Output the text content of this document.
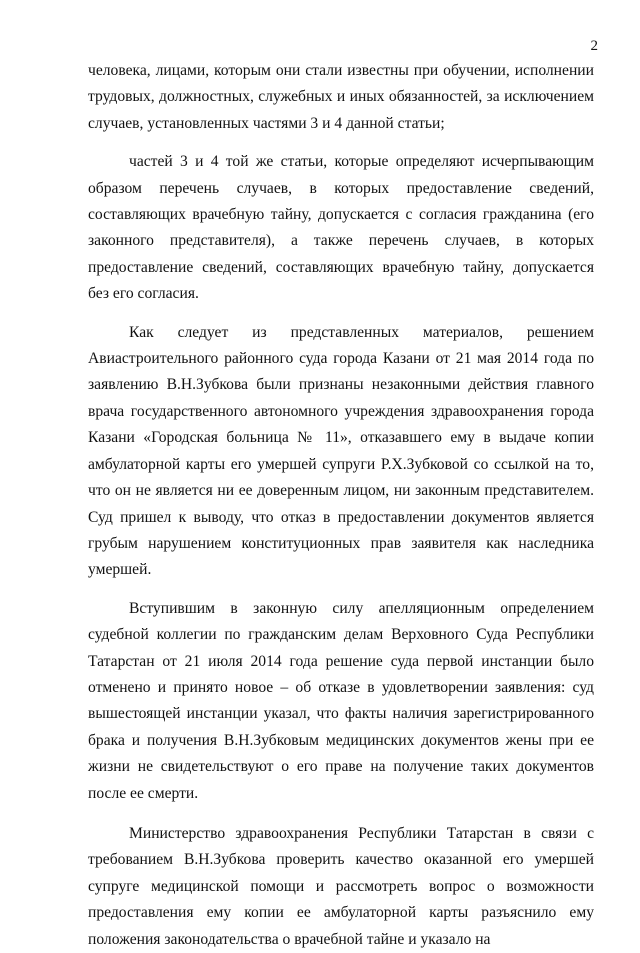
2

человека, лицами, которым они стали известны при обучении, исполнении трудовых, должностных, служебных и иных обязанностей, за исключением случаев, установленных частями 3 и 4 данной статьи;

частей 3 и 4 той же статьи, которые определяют исчерпывающим образом перечень случаев, в которых предоставление сведений, составляющих врачебную тайну, допускается с согласия гражданина (его законного представителя), а также перечень случаев, в которых предоставление сведений, составляющих врачебную тайну, допускается без его согласия.

Как следует из представленных материалов, решением Авиастроительного районного суда города Казани от 21 мая 2014 года по заявлению В.Н.Зубкова были признаны незаконными действия главного врача государственного автономного учреждения здравоохранения города Казани «Городская больница № 11», отказавшего ему в выдаче копии амбулаторной карты его умершей супруги Р.Х.Зубковой со ссылкой на то, что он не является ни ее доверенным лицом, ни законным представителем. Суд пришел к выводу, что отказ в предоставлении документов является грубым нарушением конституционных прав заявителя как наследника умершей.

Вступившим в законную силу апелляционным определением судебной коллегии по гражданским делам Верховного Суда Республики Татарстан от 21 июля 2014 года решение суда первой инстанции было отменено и принято новое – об отказе в удовлетворении заявления: суд вышестоящей инстанции указал, что факты наличия зарегистрированного брака и получения В.Н.Зубковым медицинских документов жены при ее жизни не свидетельствуют о его праве на получение таких документов после ее смерти.

Министерство здравоохранения Республики Татарстан в связи с требованием В.Н.Зубкова проверить качество оказанной его умершей супруге медицинской помощи и рассмотреть вопрос о возможности предоставления ему копии ее амбулаторной карты разъяснило ему положения законодательства о врачебной тайне и указало на
